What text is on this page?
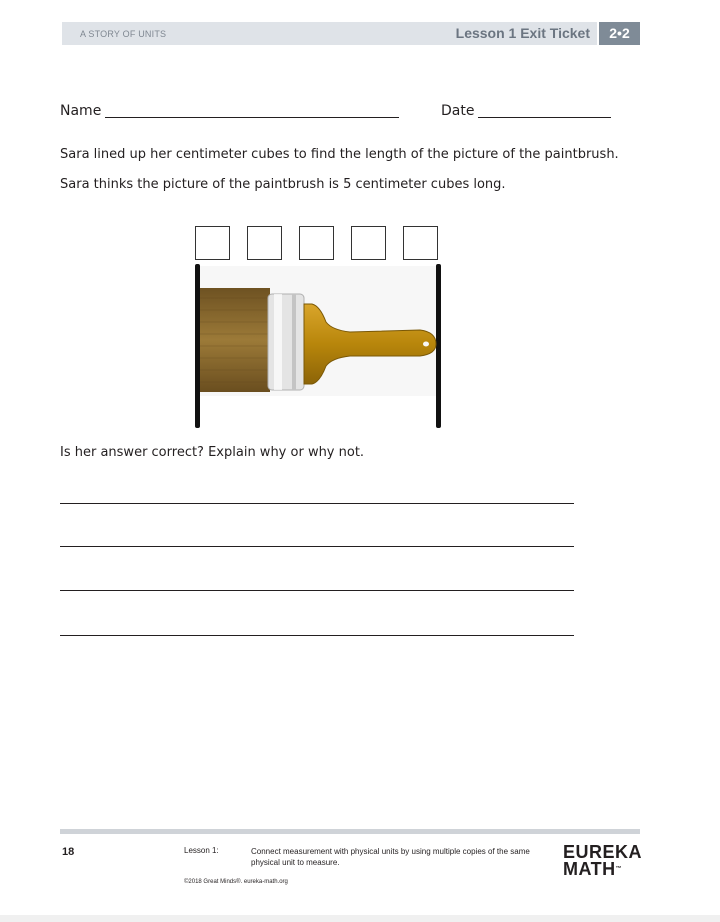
A STORY OF UNITS	Lesson 1 Exit Ticket	2•2
Name	Date
Sara lined up her centimeter cubes to find the length of the picture of the paintbrush.
Sara thinks the picture of the paintbrush is 5 centimeter cubes long.
Is her answer correct? Explain why or why not.
18	Lesson 1:	Connect measurement with physical units by using multiple copies of the same physical unit to measure.
©2018 Great Minds®. eureka-math.org
EUREKA
MATH™
